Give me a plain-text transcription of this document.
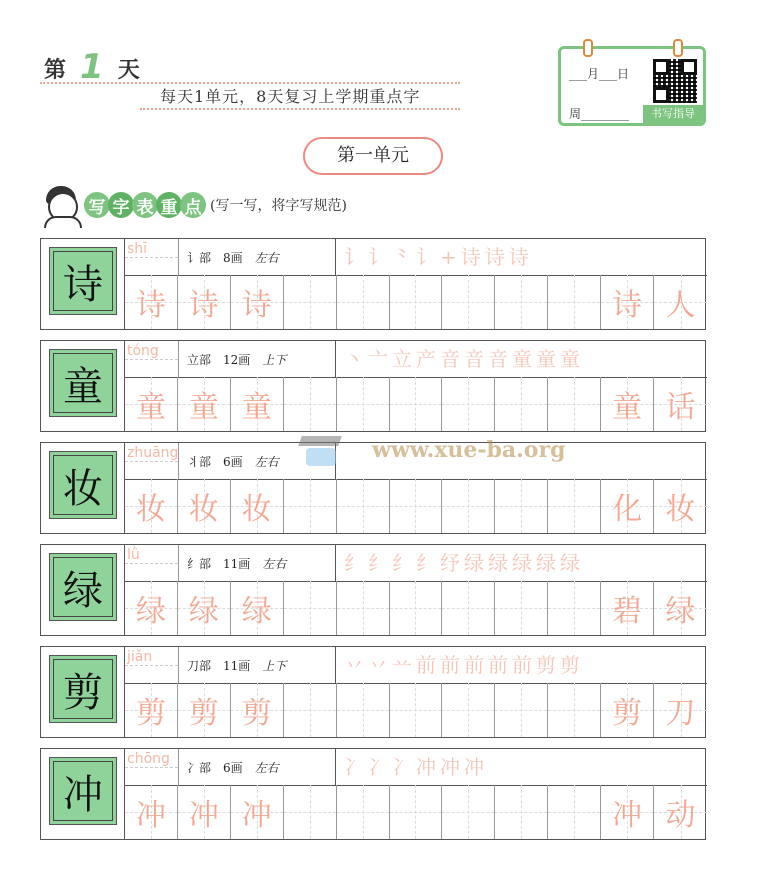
第 1 天
每天1单元，8天复习上学期重点字
___月___日
周________	书写指导
第一单元
写 字 表 重 点 (写一写，将字写规范)
诗
shī
讠部 8画 左右	讠讠⺀讠+诗诗诗
诗 诗 诗	诗 人
童
tóng
立部 12画 上下	丶亠立产音音音童童童
童 童 童	童 话
妆
zhuāng
丬部 6画 左右
妆 妆 妆	化 妆
绿
lǜ
纟部 11画 左右	纟纟纟纟纾绿绿绿绿绿
绿 绿 绿	碧 绿
剪
jiǎn
刀部 11画 上下	丷丷䒑前前前前前剪剪
剪 剪 剪	剪 刀
冲
chōng
冫部 6画 左右	冫冫冫冲冲冲
冲 冲 冲	冲 动
www.xue-ba.org
